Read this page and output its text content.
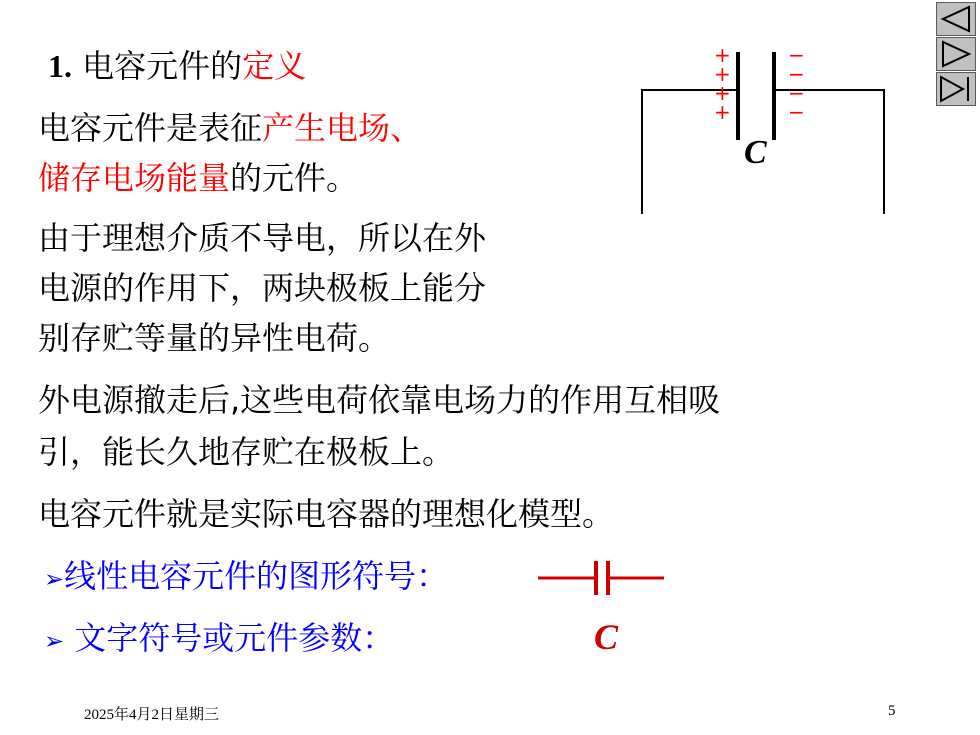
1. 电容元件的定义
电容元件是表征产生电场、
储存电场能量的元件。
由于理想介质不导电，所以在外
电源的作用下，两块极板上能分
别存贮等量的异性电荷。
外电源撤走后,这些电荷依靠电场力的作用互相吸
引，能长久地存贮在极板上。
电容元件就是实际电容器的理想化模型。
➢线性电容元件的图形符号：
➢ 文字符号或元件参数：	C
+
+
+
+
−
−
−
−
C
2025年4月2日星期三	5
